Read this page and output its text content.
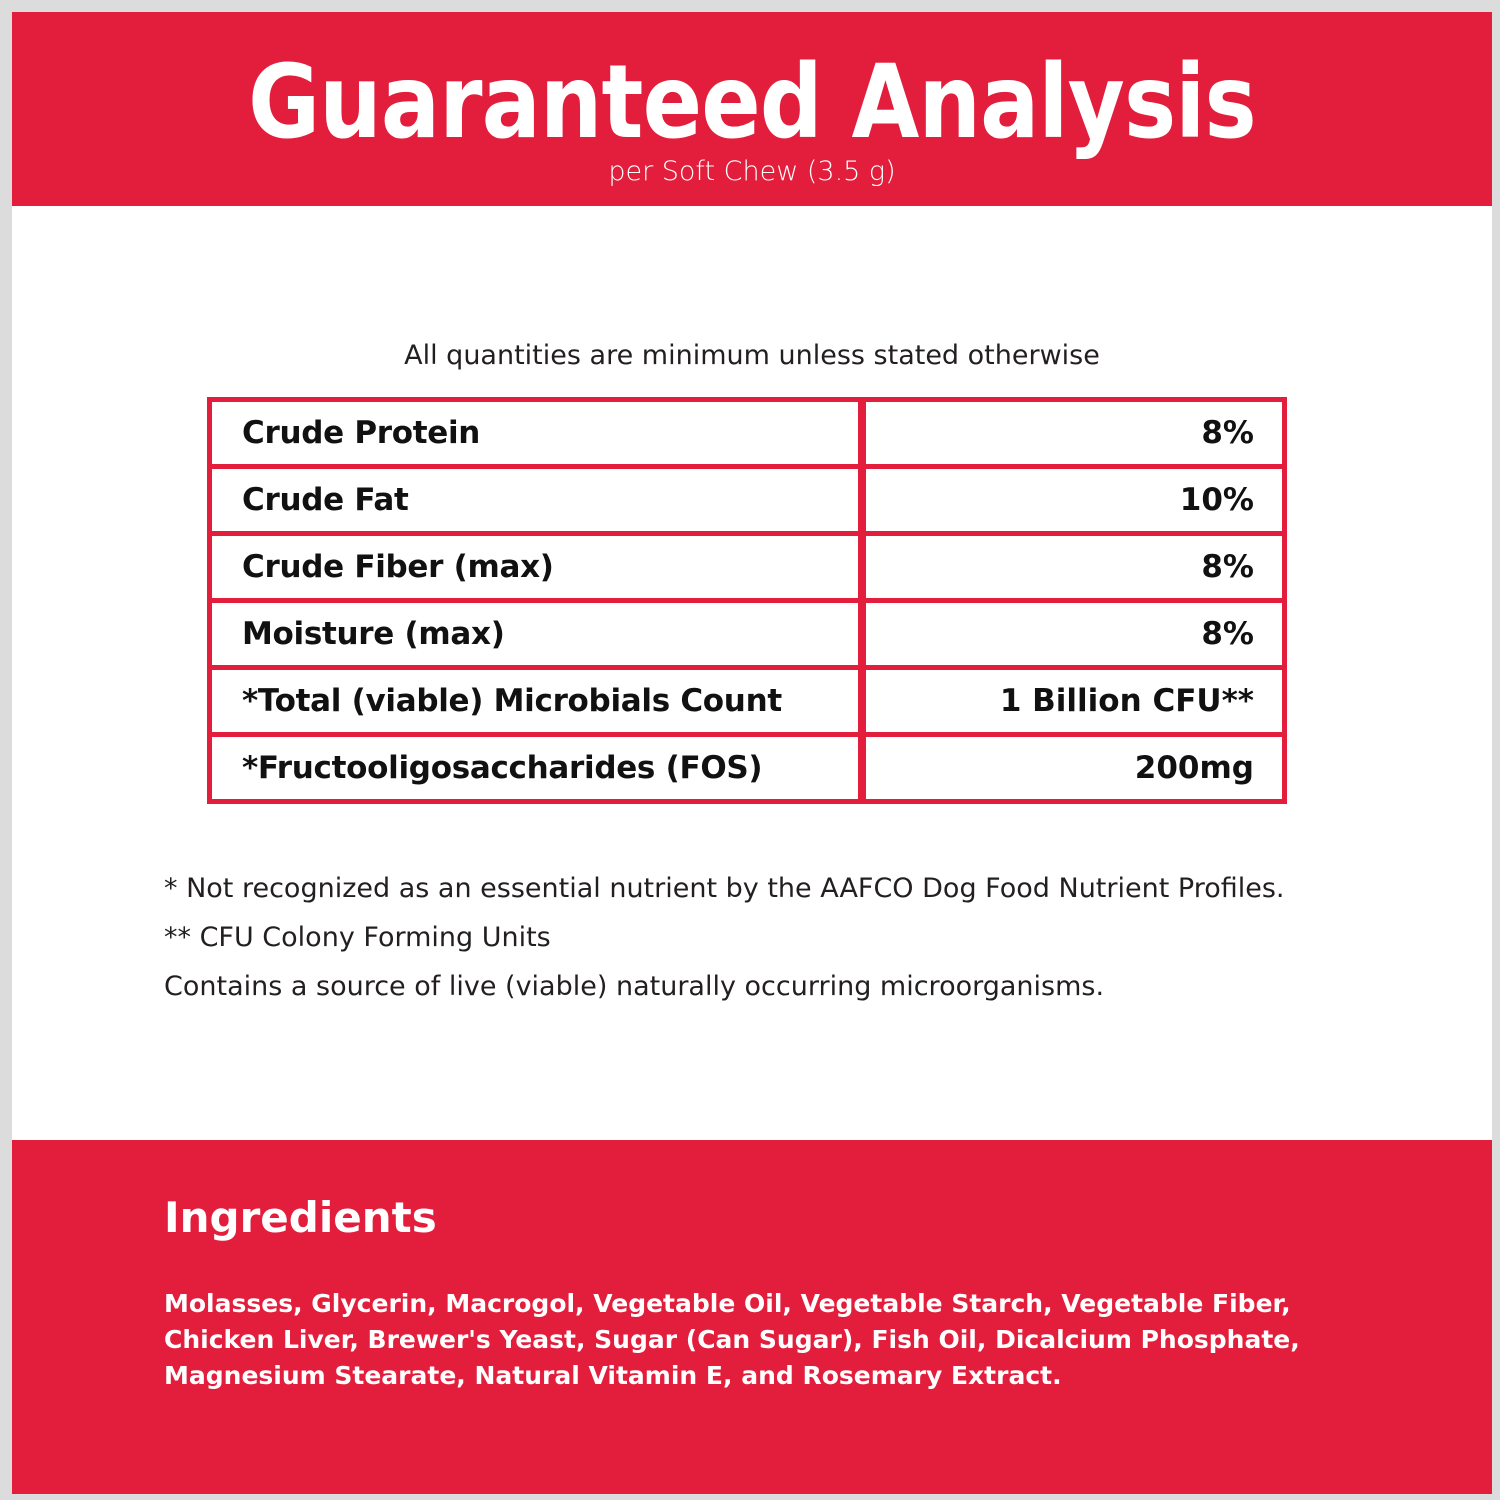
Guaranteed Analysis
per Soft Chew (3.5 g)
All quantities are minimum unless stated otherwise
Crude Protein	8%
Crude Fat	10%
Crude Fiber (max)	8%
Moisture (max)	8%
*Total (viable) Microbials Count	1 Billion CFU**
*Fructooligosaccharides (FOS)	200mg
* Not recognized as an essential nutrient by the AAFCO Dog Food Nutrient Profiles.
** CFU Colony Forming Units
Contains a source of live (viable) naturally occurring microorganisms.
Ingredients
Molasses, Glycerin, Macrogol, Vegetable Oil, Vegetable Starch, Vegetable Fiber, Chicken Liver, Brewer's Yeast, Sugar (Can Sugar), Fish Oil, Dicalcium Phosphate, Magnesium Stearate, Natural Vitamin E, and Rosemary Extract.
